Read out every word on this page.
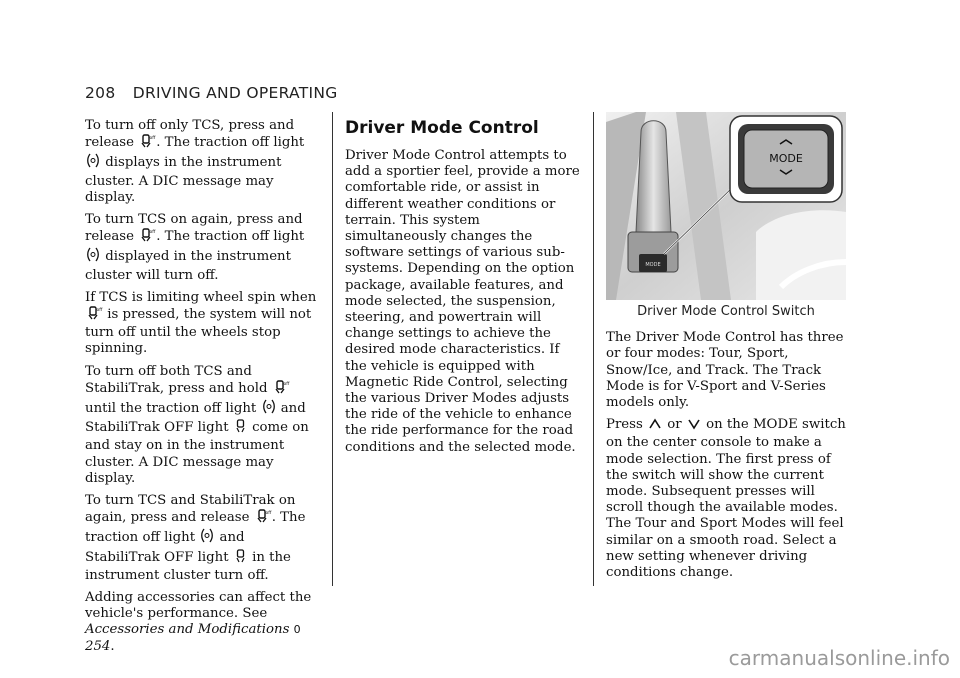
208 DRIVING AND OPERATING

To turn off only TCS, press and release	off . The traction off light  displays in the instrument cluster. A DIC message may display.

To turn TCS on again, press and release	off . The traction off light  displayed in the instrument cluster will turn off.

If TCS is limiting wheel spin when
off is pressed, the system will not turn off until the wheels stop spinning.

To turn off both TCS and StabiliTrak, press and hold	off
until the traction off light and StabiliTrak OFF light come on and stay on in the instrument cluster. A DIC message may display.

To turn TCS and StabiliTrak on again, press and release	off . The traction off light and StabiliTrak OFF light in the instrument cluster turn off.

Adding accessories can affect the vehicle's performance. See Accessories and Modifications 0 254.

Driver Mode Control

Driver Mode Control attempts to add a sportier feel, provide a more comfortable ride, or assist in different weather conditions or terrain. This system simultaneously changes the software settings of various sub-systems. Depending on the option package, available features, and mode selected, the suspension, steering, and powertrain will change settings to achieve the desired mode characteristics. If the vehicle is equipped with Magnetic Ride Control, selecting the various Driver Modes adjusts the ride of the vehicle to enhance the ride performance for the road conditions and the selected mode.

MODE
MODE
Driver Mode Control Switch

The Driver Mode Control has three or four modes: Tour, Sport, Snow/Ice, and Track. The Track Mode is for V-Sport and V-Series models only.

Press or on the MODE switch on the center console to make a mode selection. The first press of the switch will show the current mode. Subsequent presses will scroll though the available modes. The Tour and Sport Modes will feel similar on a smooth road. Select a new setting whenever driving conditions change.

carmanualsonline.info
